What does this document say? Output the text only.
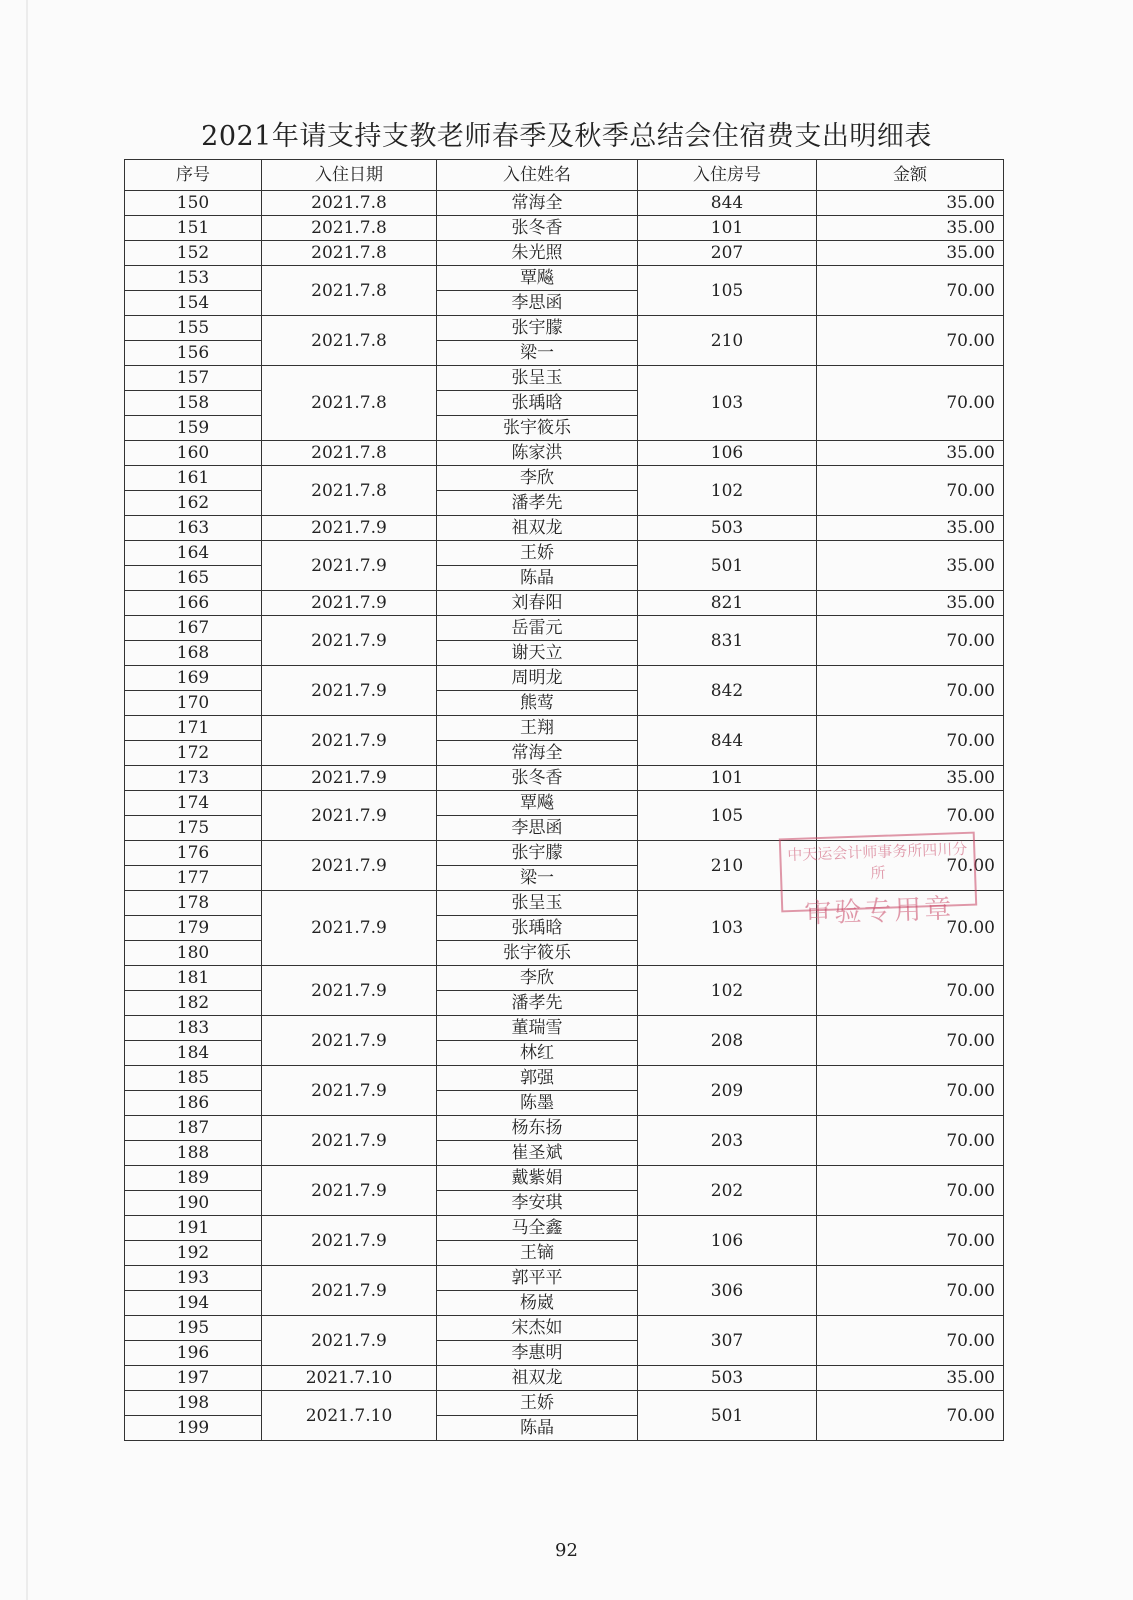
2021年请支持支教老师春季及秋季总结会住宿费支出明细表
序号	入住日期	入住姓名	入住房号	金额
150	2021.7.8	常海全	844	35.00
151	2021.7.8	张冬香	101	35.00
152	2021.7.8	朱光照	207	35.00
153	2021.7.8	覃飚	105	70.00
154		李思函		
155	2021.7.8	张宇朦	210	70.00
156		梁一		
157	2021.7.8	张呈玉	103	70.00
158		张瑀晗		
159		张宇筱乐		
160	2021.7.8	陈家洪	106	35.00
161	2021.7.8	李欣	102	70.00
162		潘孝先		
163	2021.7.9	祖双龙	503	35.00
164	2021.7.9	王娇	501	35.00
165		陈晶		
166	2021.7.9	刘春阳	821	35.00
167	2021.7.9	岳雷元	831	70.00
168		谢天立		
169	2021.7.9	周明龙	842	70.00
170		熊莺		
171	2021.7.9	王翔	844	70.00
172		常海全		
173	2021.7.9	张冬香	101	35.00
174	2021.7.9	覃飚	105	70.00
175		李思函		
176	2021.7.9	张宇朦	210	70.00
177		梁一		
178	2021.7.9	张呈玉	103	70.00
179		张瑀晗		
180		张宇筱乐		
181	2021.7.9	李欣	102	70.00
182		潘孝先		
183	2021.7.9	董瑞雪	208	70.00
184		林红		
185	2021.7.9	郭强	209	70.00
186		陈墨		
187	2021.7.9	杨东扬	203	70.00
188		崔圣斌		
189	2021.7.9	戴紫娟	202	70.00
190		李安琪		
191	2021.7.9	马全鑫	106	70.00
192		王镝		
193	2021.7.9	郭平平	306	70.00
194		杨崴		
195	2021.7.9	宋杰如	307	70.00
196		李惠明		
197	2021.7.10	祖双龙	503	35.00
198	2021.7.10	王娇	501	70.00
199		陈晶		
中天运会计师事务所四川分所
审验专用章
92
